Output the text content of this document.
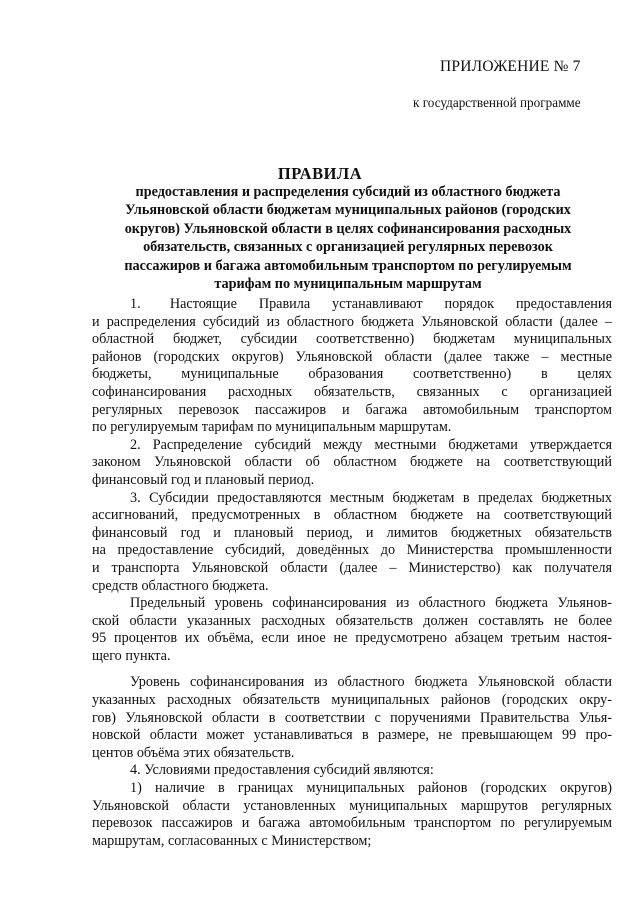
ПРИЛОЖЕНИЕ № 7
к государственной программе
ПРАВИЛА
предоставления и распределения субсидий из областного бюджета
Ульяновской области бюджетам муниципальных районов (городских
округов) Ульяновской области в целях софинансирования расходных
обязательств, связанных с организацией регулярных перевозок
пассажиров и багажа автомобильным транспортом по регулируемым
тарифам по муниципальным маршрутам

1.    Настоящие   Правила   устанавливают   порядок   предоставления
и распределения субсидий из областного бюджета Ульяновской области (далее –
областной бюджет, субсидии соответственно) бюджетам муниципальных
районов (городских округов) Ульяновской области (далее также – местные
бюджеты,    муниципальные    образования    соответственно)    в    целях
софинансирования расходных обязательств, связанных с организацией
регулярных перевозок пассажиров и багажа автомобильным транспортом
по регулируемым тарифам по муниципальным маршрутам.

2. Распределение субсидий между местными бюджетами утверждается
законом Ульяновской области об областном бюджете на соответствующий
финансовый год и плановый период.

3. Субсидии предоставляются местным бюджетам в пределах бюджетных
ассигнований, предусмотренных в областном бюджете на соответствующий
финансовый год и плановый период, и лимитов бюджетных обязательств
на предоставление субсидий, доведённых до Министерства промышленности
и транспорта Ульяновской области (далее – Министерство) как получателя
средств областного бюджета.

Предельный уровень софинансирования из областного бюджета Ульянов-
ской области указанных расходных обязательств должен составлять не более
95 процентов их объёма, если иное не предусмотрено абзацем третьим настоя-
щего пункта.

Уровень софинансирования из областного бюджета Ульяновской области
указанных расходных обязательств муниципальных районов (городских окру-
гов) Ульяновской области в соответствии с поручениями Правительства Улья-
новской области может устанавливаться в размере, не превышающем 99 про-
центов объёма этих обязательств.

4. Условиями предоставления субсидий являются:

1) наличие в границах муниципальных районов (городских округов)
Ульяновской области установленных муниципальных маршрутов регулярных
перевозок пассажиров и багажа автомобильным транспортом по регулируемым
маршрутам, согласованных с Министерством;
